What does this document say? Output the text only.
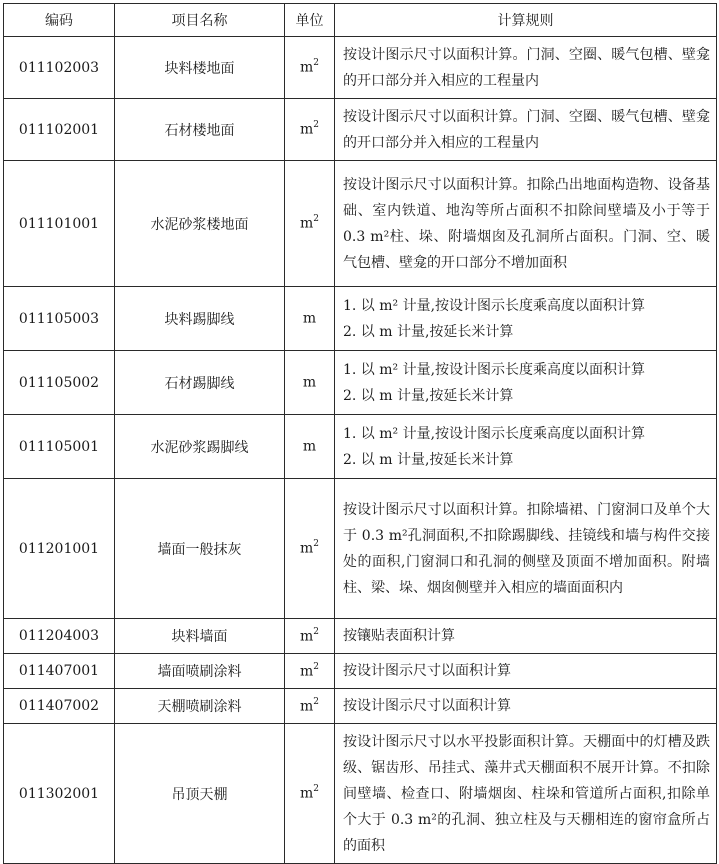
编码	项目名称	单位	计算规则
011102003	块料楼地面	$m^2$	按设计图示尺寸以面积计算。门洞、空圈、暖气包槽、壁龛的开口部分并入相应的工程量内
011102001	石材楼地面	$m^2$	按设计图示尺寸以面积计算。门洞、空圈、暖气包槽、壁龛的开口部分并入相应的工程量内
011101001	水泥砂浆楼地面	$m^2$	按设计图示尺寸以面积计算。扣除凸出地面构造物、设备基础、室内铁道、地沟等所占面积不扣除间壁墙及小于等于 0.3 m²柱、垛、附墙烟囱及孔洞所占面积。门洞、空、暖气包槽、壁龛的开口部分不增加面积
011105003	块料踢脚线	m	1. 以 m² 计量,按设计图示长度乘高度以面积计算
2. 以 m 计量,按延长米计算

011105002	石材踢脚线	m	1. 以 m² 计量,按设计图示长度乘高度以面积计算
2. 以 m 计量,按延长米计算

011105001	水泥砂浆踢脚线	m	1. 以 m² 计量,按设计图示长度乘高度以面积计算
2. 以 m 计量,按延长米计算

011201001	墙面一般抹灰	$m^2$	按设计图示尺寸以面积计算。扣除墙裙、门窗洞口及单个大于 0.3 m²孔洞面积,不扣除踢脚线、挂镜线和墙与构件交接处的面积,门窗洞口和孔洞的侧壁及顶面不增加面积。附墙柱、梁、垛、烟囱侧壁并入相应的墙面面积内
011204003	块料墙面	$m^2$	按镶贴表面积计算
011407001	墙面喷刷涂料	$m^2$	按设计图示尺寸以面积计算
011407002	天棚喷刷涂料	$m^2$	按设计图示尺寸以面积计算
011302001	吊顶天棚	$m^2$	按设计图示尺寸以水平投影面积计算。天棚面中的灯槽及跌级、锯齿形、吊挂式、藻井式天棚面积不展开计算。不扣除间壁墙、检查口、附墙烟囱、柱垛和管道所占面积,扣除单个大于 0.3 m²的孔洞、独立柱及与天棚相连的窗帘盒所占的面积
